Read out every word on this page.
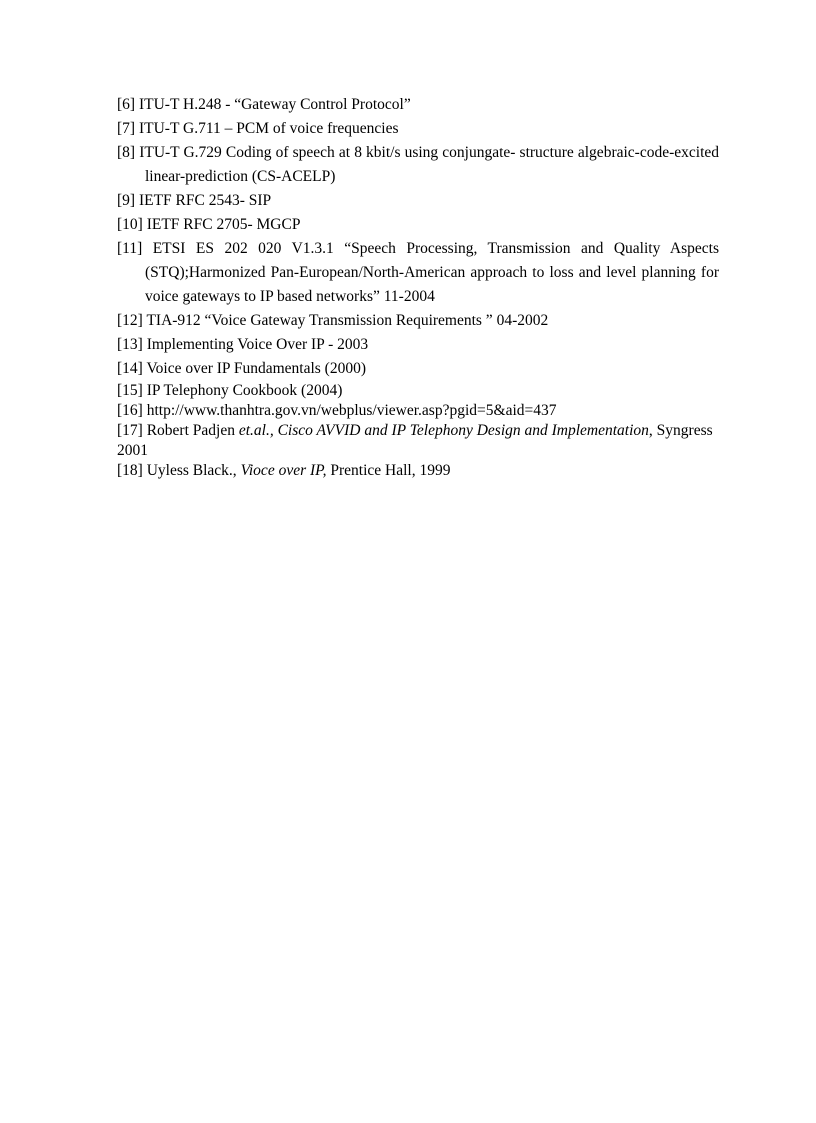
[6] ITU-T H.248 - “Gateway Control Protocol”

[7] ITU-T G.711 – PCM of voice frequencies

[8] ITU-T G.729 Coding of speech at 8 kbit/s using conjungate- structure algebraic-code-excited linear-prediction (CS-ACELP)

[9] IETF RFC 2543- SIP

[10] IETF RFC 2705- MGCP

[11] ETSI ES 202 020 V1.3.1 “Speech Processing, Transmission and Quality Aspects (STQ);Harmonized Pan-European/North-American approach to loss and level planning for voice gateways to IP based networks” 11-2004

[12] TIA-912 “Voice Gateway Transmission Requirements ” 04-2002

[13] Implementing Voice Over IP - 2003

[14] Voice over IP Fundamentals (2000)

[15] IP Telephony Cookbook (2004)

[16] http://www.thanhtra.gov.vn/webplus/viewer.asp?pgid=5&aid=437

[17] Robert Padjen et.al., Cisco AVVID and IP Telephony Design and Implementation, Syngress 2001

[18] Uyless Black., Vioce over IP, Prentice Hall, 1999
